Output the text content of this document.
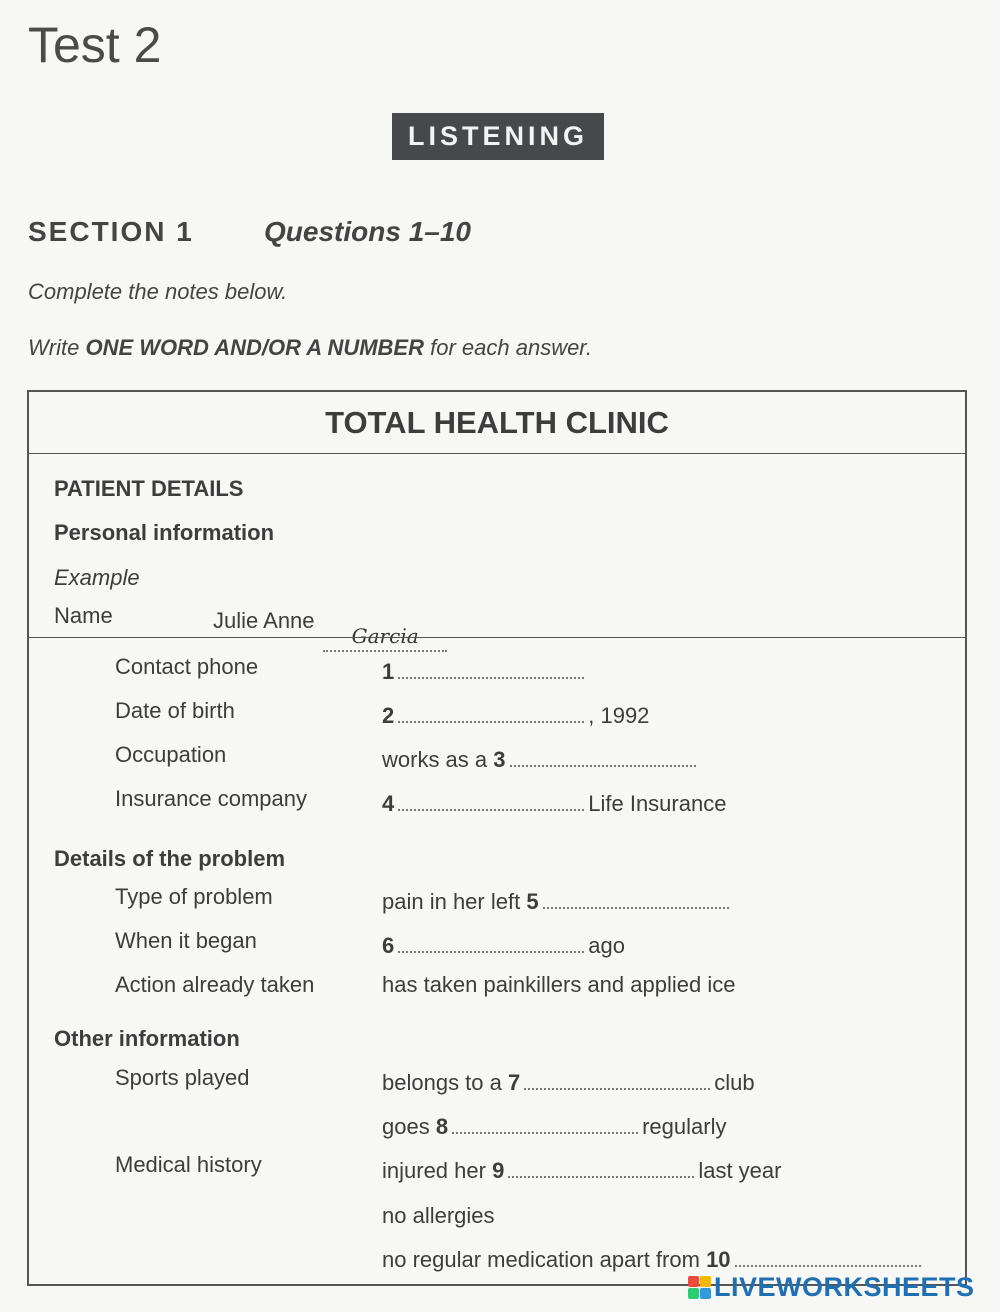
Test 2
LISTENING
SECTION 1	Questions 1–10
Complete the notes below.
Write ONE WORD AND/OR A NUMBER for each answer.
TOTAL HEALTH CLINIC
PATIENT DETAILS
Personal information
Example
Name	Julie Anne
Garcia
Contact phone	1
Date of birth	2	, 1992
Occupation	works as a 3
Insurance company	4	Life Insurance
Details of the problem
Type of problem	pain in her left 5
When it began	6	ago
Action already taken	has taken painkillers and applied ice
Other information
Sports played	belongs to a 7	club
goes 8	regularly
Medical history	injured her 9	last year
no allergies
no regular medication apart from 10
LIVEWORKSHEETS
